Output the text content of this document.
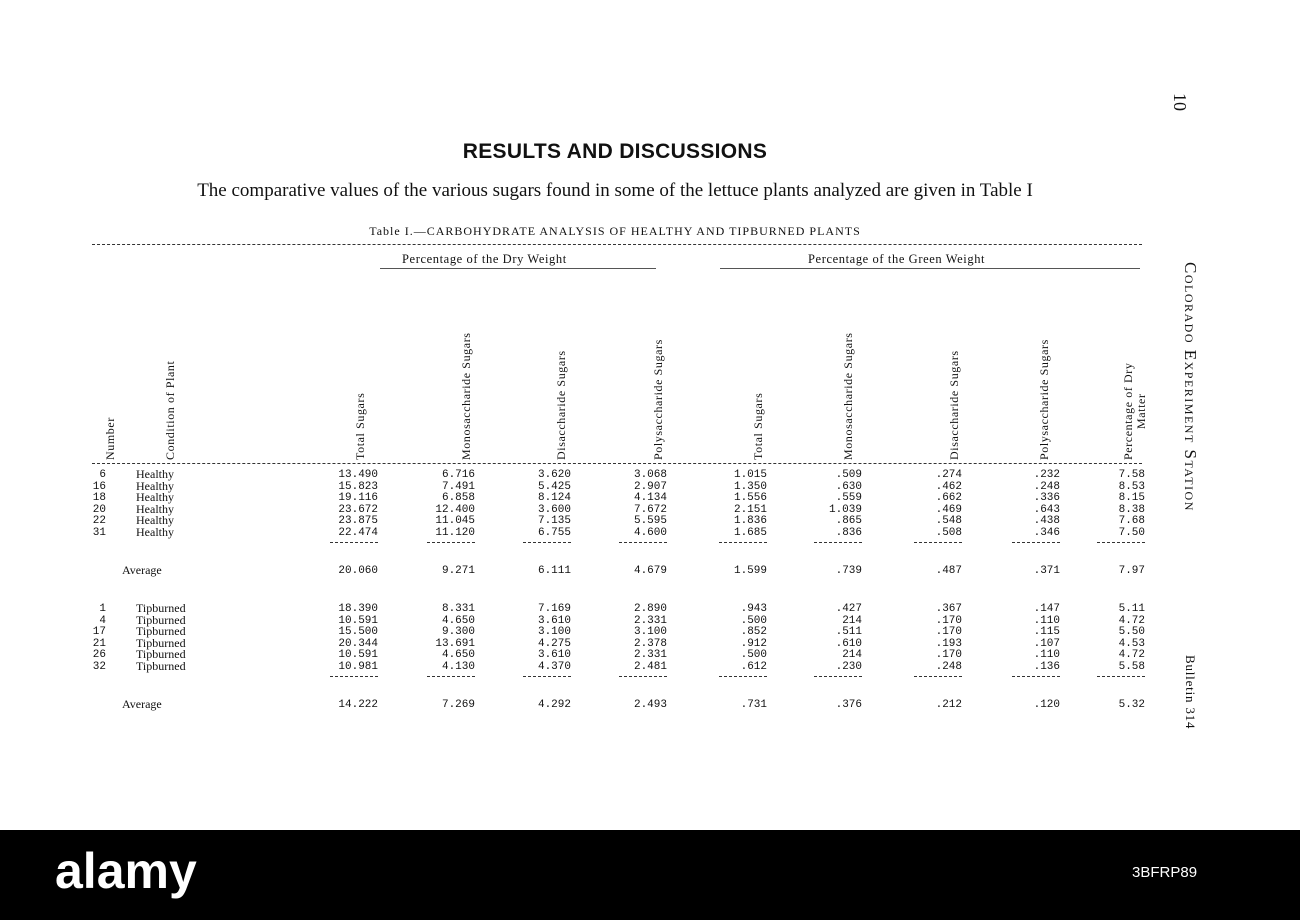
RESULTS AND DISCUSSIONS
The comparative values of the various sugars found in some of the lettuce plants analyzed are given in Table I
Table I.—CARBOHYDRATE ANALYSIS OF HEALTHY AND TIPBURNED PLANTS
Percentage of the Dry Weight	Percentage of the Green Weight
Number	Condition of Plant	Total Sugars	Monosaccharide Sugars	Disaccharide Sugars	Polysaccharide Sugars	Total Sugars	Monosaccharide Sugars	Disaccharide Sugars	Polysaccharide Sugars	Percentage of Dry Matter
6	Healthy	13.490	6.716	3.620	3.068	1.015	.509	.274	.232	7.58
16	Healthy	15.823	7.491	5.425	2.907	1.350	.630	.462	.248	8.53
18	Healthy	19.116	6.858	8.124	4.134	1.556	.559	.662	.336	8.15
20	Healthy	23.672	12.400	3.600	7.672	2.151	1.039	.469	.643	8.38
22	Healthy	23.875	11.045	7.135	5.595	1.836	.865	.548	.438	7.68
31	Healthy	22.474	11.120	6.755	4.600	1.685	.836	.508	.346	7.50
Average	20.060	9.271	6.111	4.679	1.599	.739	.487	.371	7.97
1	Tipburned	18.390	8.331	7.169	2.890	.943	.427	.367	.147	5.11
4	Tipburned	10.591	4.650	3.610	2.331	.500	214	.170	.110	4.72
17	Tipburned	15.500	9.300	3.100	3.100	.852	.511	.170	.115	5.50
21	Tipburned	20.344	13.691	4.275	2.378	.912	.610	.193	.107	4.53
26	Tipburned	10.591	4.650	3.610	2.331	.500	214	.170	.110	4.72
32	Tipburned	10.981	4.130	4.370	2.481	.612	.230	.248	.136	5.58
Average	14.222	7.269	4.292	2.493	.731	.376	.212	.120	5.32
Colorado Experiment Station
10
Bulletin 314
alamy	3BFRP89
